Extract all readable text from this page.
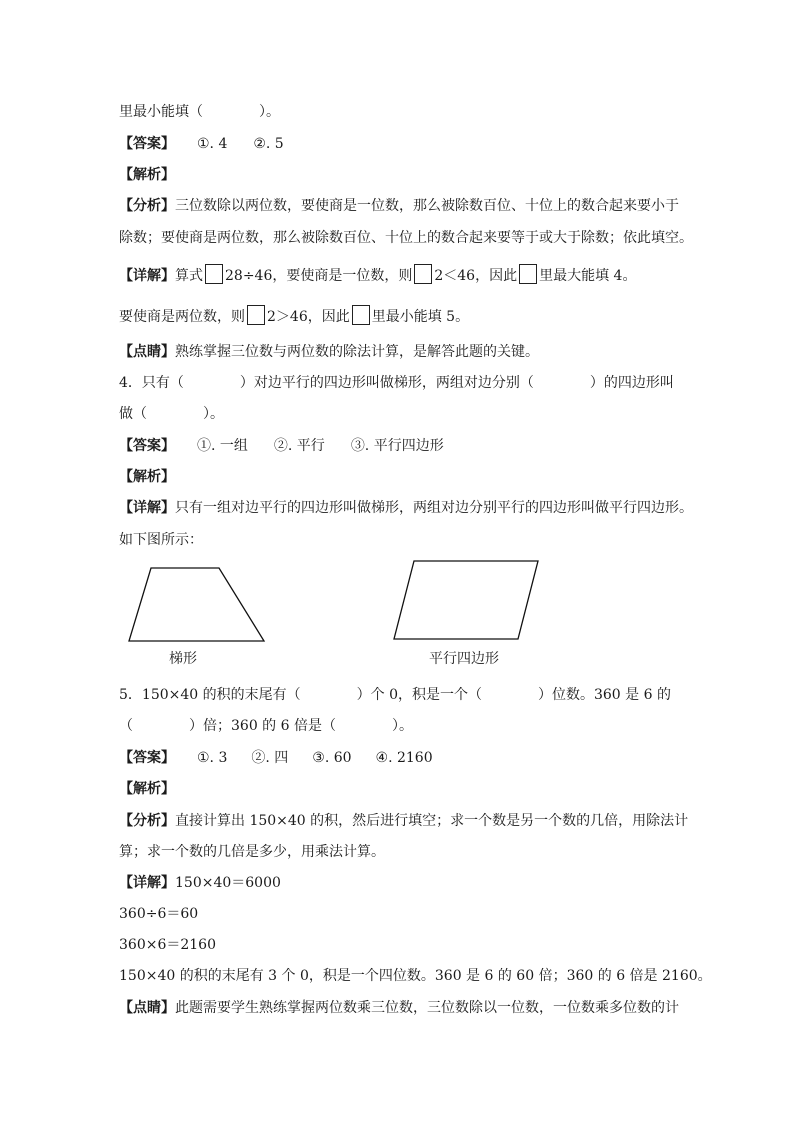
里最小能填（　　　　）。
【答案】 ①. 4 ②. 5
【解析】
【分析】三位数除以两位数，要使商是一位数，那么被除数百位、十位上的数合起来要小于
除数；要使商是两位数，那么被除数百位、十位上的数合起来要等于或大于除数；依此填空。
【详解】算式 28÷46，要使商是一位数，则 2＜46，因此 里最大能填 4。
要使商是两位数，则 2＞46，因此 里最小能填 5。
【点睛】熟练掌握三位数与两位数的除法计算，是解答此题的关键。
4．只有（　　　　）对边平行的四边形叫做梯形，两组对边分别（　　　　）的四边形叫
做（　　　　）。
【答案】 ①. 一组 ②. 平行 ③. 平行四边形
【解析】
【详解】只有一组对边平行的四边形叫做梯形，两组对边分别平行的四边形叫做平行四边形。
如下图所示：
梯形	平行四边形
5．150×40 的积的末尾有（　　　　）个 0，积是一个（　　　　）位数。360 是 6 的
（　　　　）倍；360 的 6 倍是（　　　　）。
【答案】 ①. 3 ②. 四 ③. 60 ④. 2160
【解析】
【分析】直接计算出 150×40 的积，然后进行填空；求一个数是另一个数的几倍，用除法计
算；求一个数的几倍是多少，用乘法计算。
【详解】150×40＝6000
360÷6＝60
360×6＝2160
150×40 的积的末尾有 3 个 0，积是一个四位数。360 是 6 的 60 倍；360 的 6 倍是 2160。
【点睛】此题需要学生熟练掌握两位数乘三位数，三位数除以一位数，一位数乘多位数的计
